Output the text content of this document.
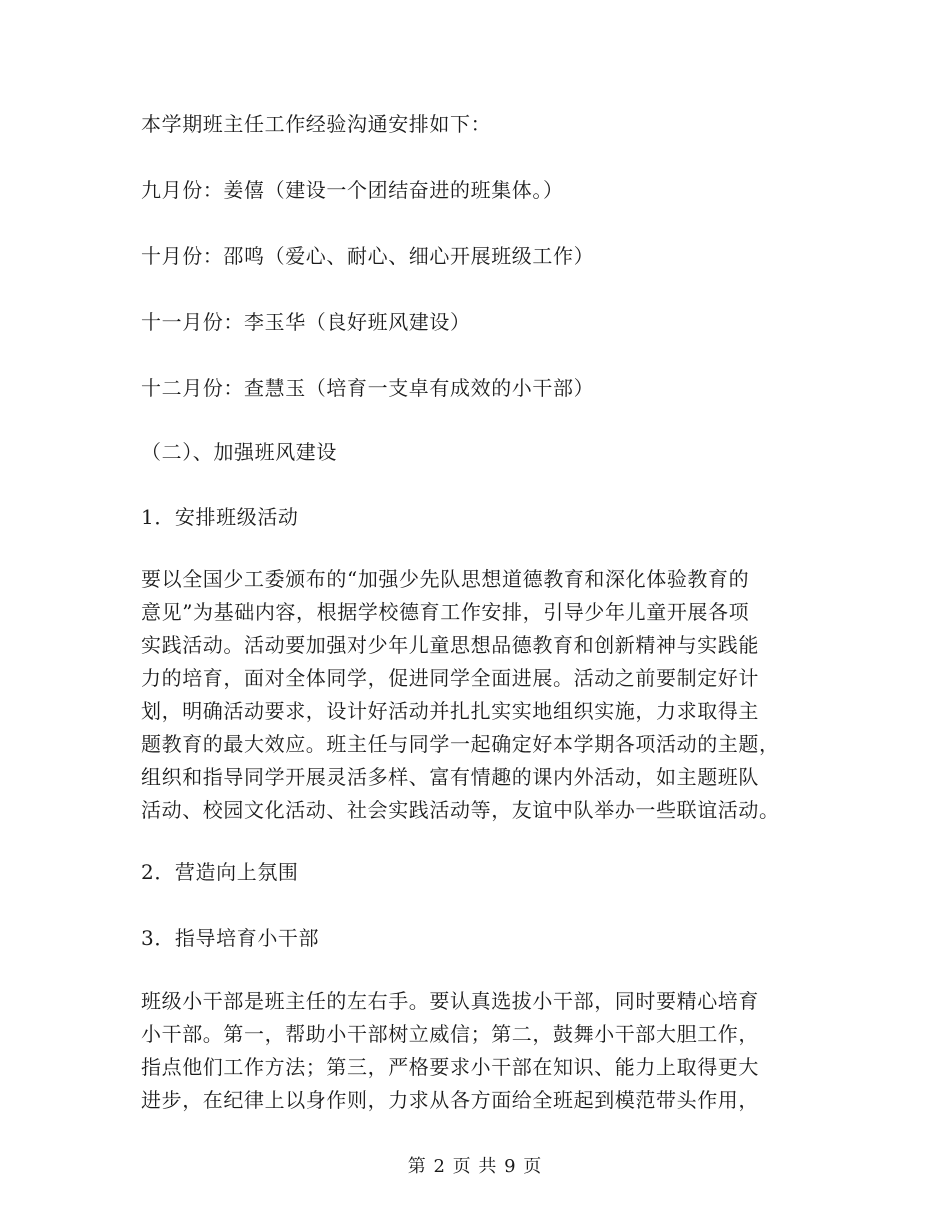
本学期班主任工作经验沟通安排如下：
九月份：姜僖（建设一个团结奋进的班集体。）
十月份：邵鸣（爱心、耐心、细心开展班级工作）
十一月份：李玉华（良好班风建设）
十二月份：查慧玉（培育一支卓有成效的小干部）
（二）、加强班风建设
1．安排班级活动
要以全国少工委颁布的“加强少先队思想道德教育和深化体验教育的
意见”为基础内容，根据学校德育工作安排，引导少年儿童开展各项
实践活动。活动要加强对少年儿童思想品德教育和创新精神与实践能
力的培育，面对全体同学，促进同学全面进展。活动之前要制定好计
划，明确活动要求，设计好活动并扎扎实实地组织实施，力求取得主
题教育的最大效应。班主任与同学一起确定好本学期各项活动的主题，
组织和指导同学开展灵活多样、富有情趣的课内外活动，如主题班队
活动、校园文化活动、社会实践活动等，友谊中队举办一些联谊活动。
2．营造向上氛围
3．指导培育小干部
班级小干部是班主任的左右手。要认真选拔小干部，同时要精心培育
小干部。第一，帮助小干部树立威信；第二，鼓舞小干部大胆工作，
指点他们工作方法；第三，严格要求小干部在知识、能力上取得更大
进步，在纪律上以身作则，力求从各方面给全班起到模范带头作用，
第 2 页 共 9 页
